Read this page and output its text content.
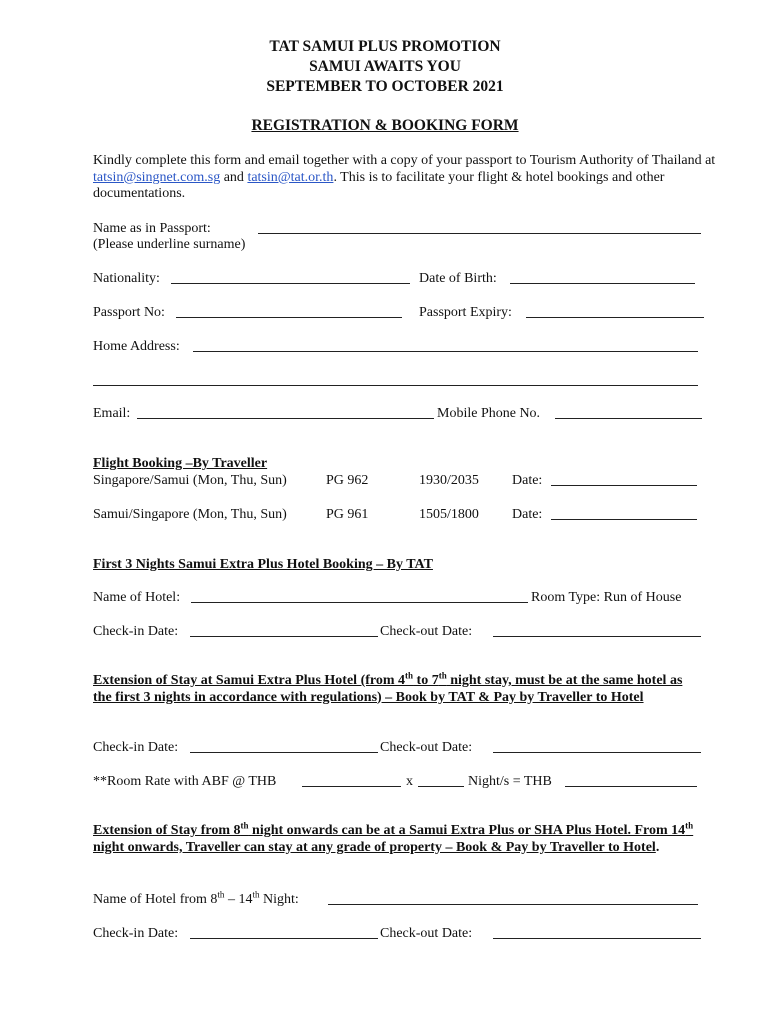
TAT SAMUI PLUS PROMOTION
SAMUI AWAITS YOU
SEPTEMBER TO OCTOBER 2021
REGISTRATION & BOOKING FORM
Kindly complete this form and email together with a copy of your passport to Tourism Authority of Thailand at tatsin@singnet.com.sg and tatsin@tat.or.th. This is to facilitate your flight & hotel bookings and other documentations.
Name as in Passport:
(Please underline surname)
Nationality:	Date of Birth:
Passport No:	Passport Expiry:
Home Address:
Email:	Mobile Phone No.
Flight Booking –By Traveller
Singapore/Samui (Mon, Thu, Sun)	PG 962	1930/2035 Date:
Samui/Singapore (Mon, Thu, Sun)	PG 961	1505/1800 Date:
First 3 Nights Samui Extra Plus Hotel Booking – By TAT
Name of Hotel:	Room Type: Run of House
Check-in Date:	Check-out Date:
Extension of Stay at Samui Extra Plus Hotel (from 4th to 7th night stay, must be at the same hotel as the first 3 nights in accordance with regulations) – Book by TAT & Pay by Traveller to Hotel
Check-in Date:	Check-out Date:
**Room Rate with ABF @ THB	x	Night/s = THB
Extension of Stay from 8th night onwards can be at a Samui Extra Plus or SHA Plus Hotel. From 14th night onwards, Traveller can stay at any grade of property – Book & Pay by Traveller to Hotel.
Name of Hotel from 8th – 14th Night:
Check-in Date:	Check-out Date:
